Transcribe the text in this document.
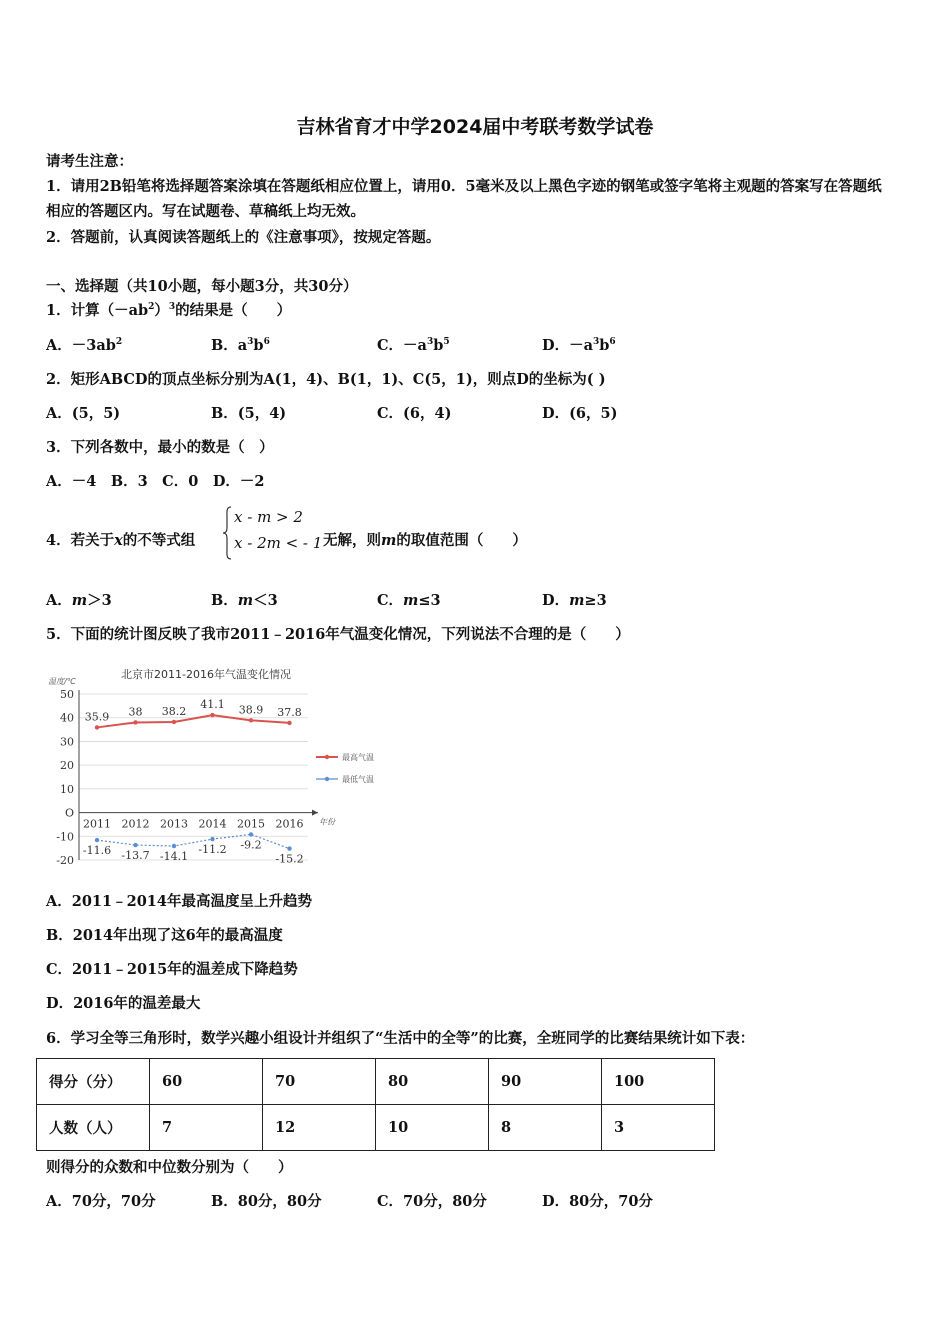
吉林省育才中学2024届中考联考数学试卷
请考生注意：
1．请用2B铅笔将选择题答案涂填在答题纸相应位置上，请用0．5毫米及以上黑色字迹的钢笔或签字笔将主观题的答案写在答题纸相应的答题区内。写在试题卷、草稿纸上均无效。
2．答题前，认真阅读答题纸上的《注意事项》，按规定答题。
一、选择题（共10小题，每小题3分，共30分）
1．计算$(-ab^2)^3$的结果是（　　）
A．$-3ab^2$	B．$a^3b^6$	C．$-a^3b^5$	D．$-a^3b^6$
2．矩形ABCD的顶点坐标分别为A(1，4)、B(1，1)、C(5，1)，则点D的坐标为( )
A．(5，5)	B．(5，4)	C．(6，4)	D．(6，5)
3．下列各数中，最小的数是（　）
A．－4　B．3　C．0　D．－2
4．若关于x的不等式组
x - m > 2
x - 2m < - 1 无解，则m的取值范围（　　）
A．m＞3	B．m＜3	C．m≤3	D．m≥3
5．下面的统计图反映了我市2011﹣2016年气温变化情况，下列说法不合理的是（　　）
北京市2011-2016年气温变化情况
温度/℃
50
40
30
20
10
O
-10
-20
年份
2011 2012 2013 2014 2015 2016
35.9 38 38.2
41.1 38.9 37.8
最高气温
-11.6 -13.7 -14.1
-11.2 -9.2
-15.2
最低气温
A．2011﹣2014年最高温度呈上升趋势
B．2014年出现了这6年的最高温度
C．2011﹣2015年的温差成下降趋势
D．2016年的温差最大
6．学习全等三角形时，数学兴趣小组设计并组织了“生活中的全等”的比赛，全班同学的比赛结果统计如下表：
得分（分）	60	70	80	90	100
人数（人）	7	12	10	8	3
则得分的众数和中位数分别为（　　）
A．70分，70分	B．80分，80分	C．70分，80分	D．80分，70分
